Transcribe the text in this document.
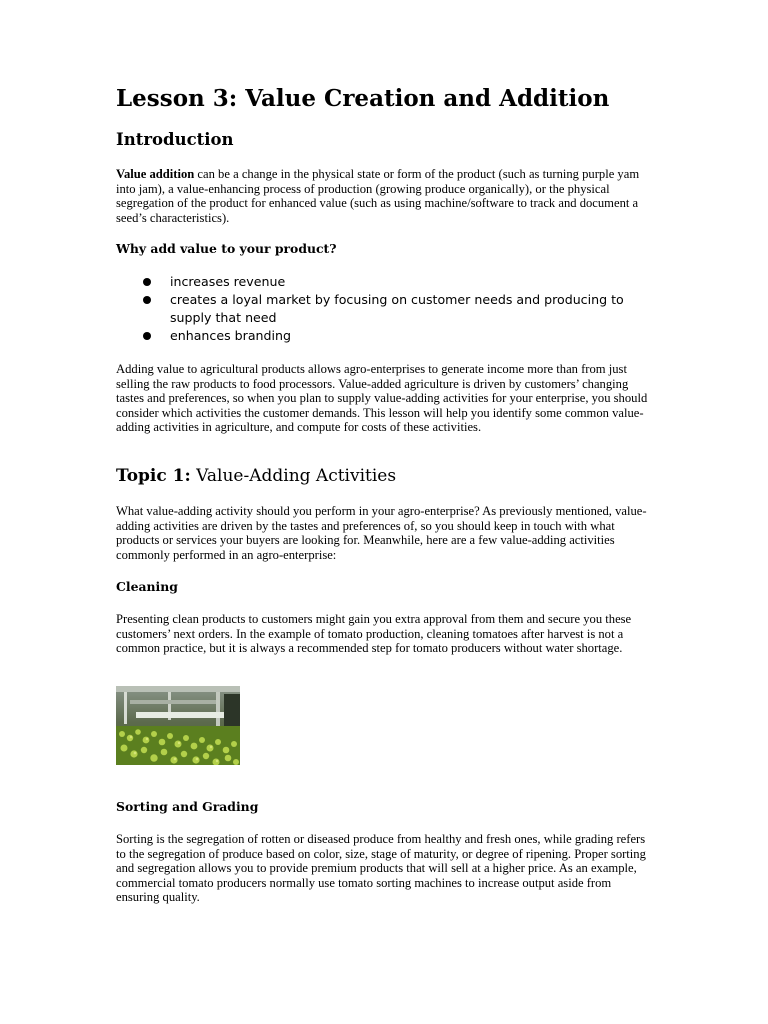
Lesson 3: Value Creation and Addition
Introduction

Value addition can be a change in the physical state or form of the product (such as turning purple yam into jam), a value-enhancing process of production (growing produce organically), or the physical segregation of the product for enhanced value (such as using machine/software to track and document a seed’s characteristics).

Why add value to your product?
increases revenue
creates a loyal market by focusing on customer needs and producing to supply that need
enhances branding

Adding value to agricultural products allows agro-enterprises to generate income more than from just selling the raw products to food processors. Value-added agriculture is driven by customers’ changing tastes and preferences, so when you plan to supply value-adding activities for your enterprise, you should consider which activities the customer demands. This lesson will help you identify some common value-adding activities in agriculture, and compute for costs of these activities.

Topic 1: Value-Adding Activities

What value-adding activity should you perform in your agro-enterprise? As previously mentioned, value-adding activities are driven by the tastes and preferences of, so you should keep in touch with what products or services your buyers are looking for. Meanwhile, here are a few value-adding activities commonly performed in an agro-enterprise:

Cleaning

Presenting clean products to customers might gain you extra approval from them and secure you these customers’ next orders. In the example of tomato production, cleaning tomatoes after harvest is not a common practice, but it is always a recommended step for tomato producers without water shortage.

Sorting and Grading

Sorting is the segregation of rotten or diseased produce from healthy and fresh ones, while grading refers to the segregation of produce based on color, size, stage of maturity, or degree of ripening. Proper sorting and segregation allows you to provide premium products that will sell at a higher price. As an example, commercial tomato producers normally use tomato sorting machines to increase output aside from ensuring quality.
